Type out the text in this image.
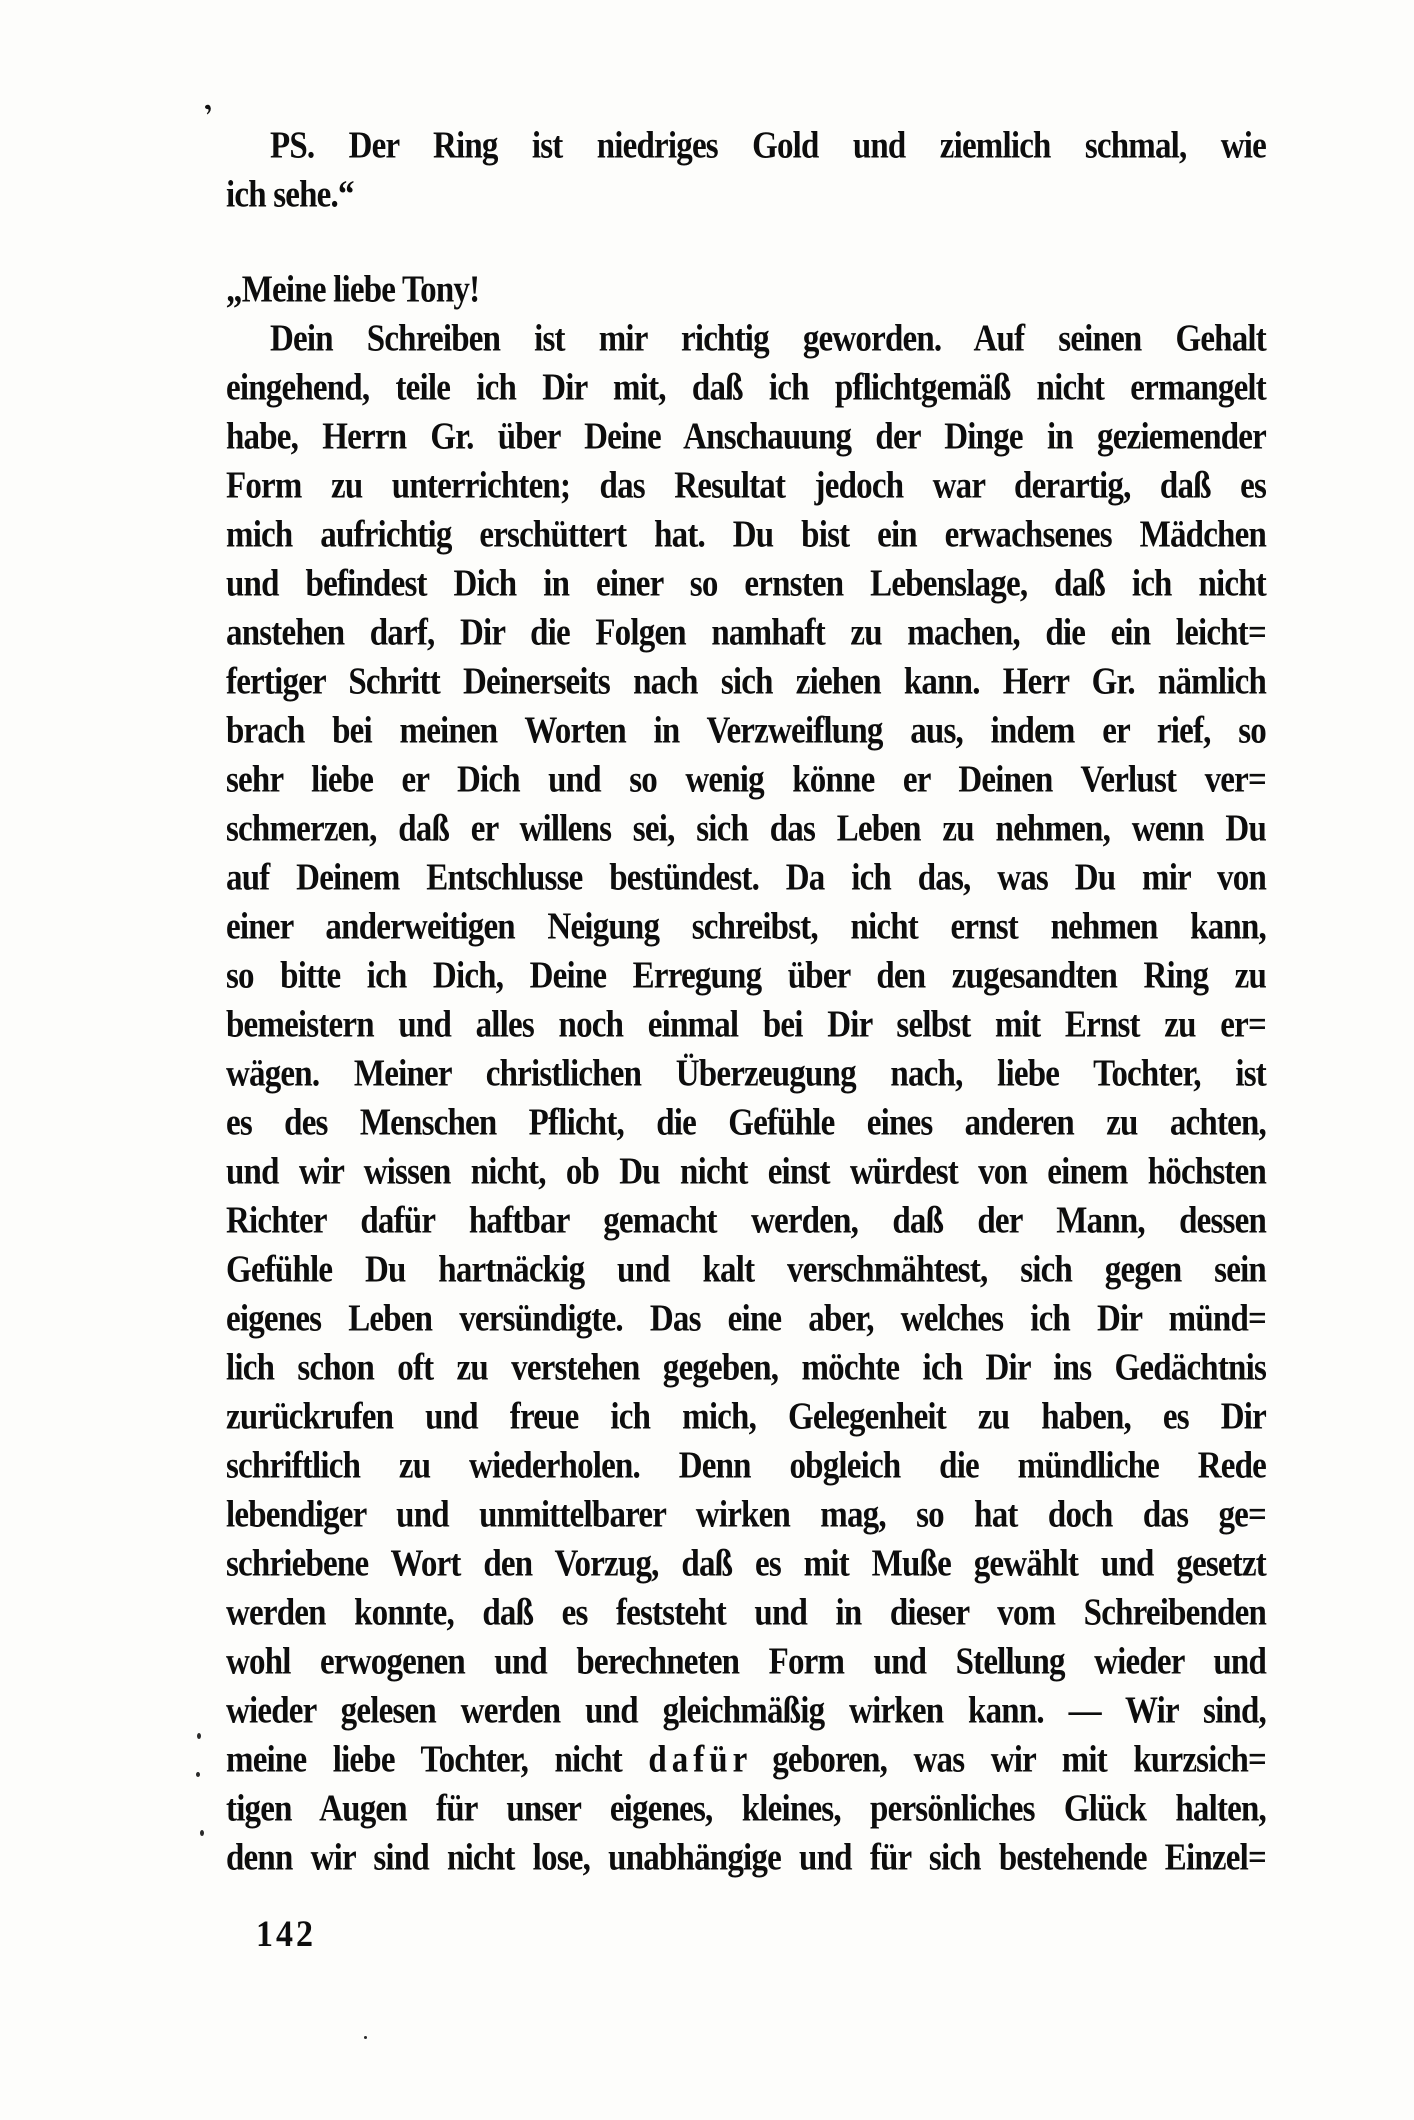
’
PS. Der Ring ist niedriges Gold und ziemlich schmal, wie
ich sehe.“
„Meine liebe Tony!
Dein Schreiben ist mir richtig geworden. Auf seinen Gehalt
eingehend, teile ich Dir mit, daß ich pflichtgemäß nicht ermangelt
habe, Herrn Gr. über Deine Anschauung der Dinge in geziemender
Form zu unterrichten; das Resultat jedoch war derartig, daß es
mich aufrichtig erschüttert hat. Du bist ein erwachsenes Mädchen
und befindest Dich in einer so ernsten Lebenslage, daß ich nicht
anstehen darf, Dir die Folgen namhaft zu machen, die ein leicht=
fertiger Schritt Deinerseits nach sich ziehen kann. Herr Gr. nämlich
brach bei meinen Worten in Verzweiflung aus, indem er rief, so
sehr liebe er Dich und so wenig könne er Deinen Verlust ver=
schmerzen, daß er willens sei, sich das Leben zu nehmen, wenn Du
auf Deinem Entschlusse bestündest. Da ich das, was Du mir von
einer anderweitigen Neigung schreibst, nicht ernst nehmen kann,
so bitte ich Dich, Deine Erregung über den zugesandten Ring zu
bemeistern und alles noch einmal bei Dir selbst mit Ernst zu er=
wägen. Meiner christlichen Überzeugung nach, liebe Tochter, ist
es des Menschen Pflicht, die Gefühle eines anderen zu achten,
und wir wissen nicht, ob Du nicht einst würdest von einem höchsten
Richter dafür haftbar gemacht werden, daß der Mann, dessen
Gefühle Du hartnäckig und kalt verschmähtest, sich gegen sein
eigenes Leben versündigte. Das eine aber, welches ich Dir münd=
lich schon oft zu verstehen gegeben, möchte ich Dir ins Gedächtnis
zurückrufen und freue ich mich, Gelegenheit zu haben, es Dir
schriftlich zu wiederholen. Denn obgleich die mündliche Rede
lebendiger und unmittelbarer wirken mag, so hat doch das ge=
schriebene Wort den Vorzug, daß es mit Muße gewählt und gesetzt
werden konnte, daß es feststeht und in dieser vom Schreibenden
wohl erwogenen und berechneten Form und Stellung wieder und
wieder gelesen werden und gleichmäßig wirken kann. — Wir sind,
meine liebe Tochter, nicht d a f ü r geboren, was wir mit kurzsich=
tigen Augen für unser eigenes, kleines, persönliches Glück halten,
denn wir sind nicht lose, unabhängige und für sich bestehende Einzel=
142
